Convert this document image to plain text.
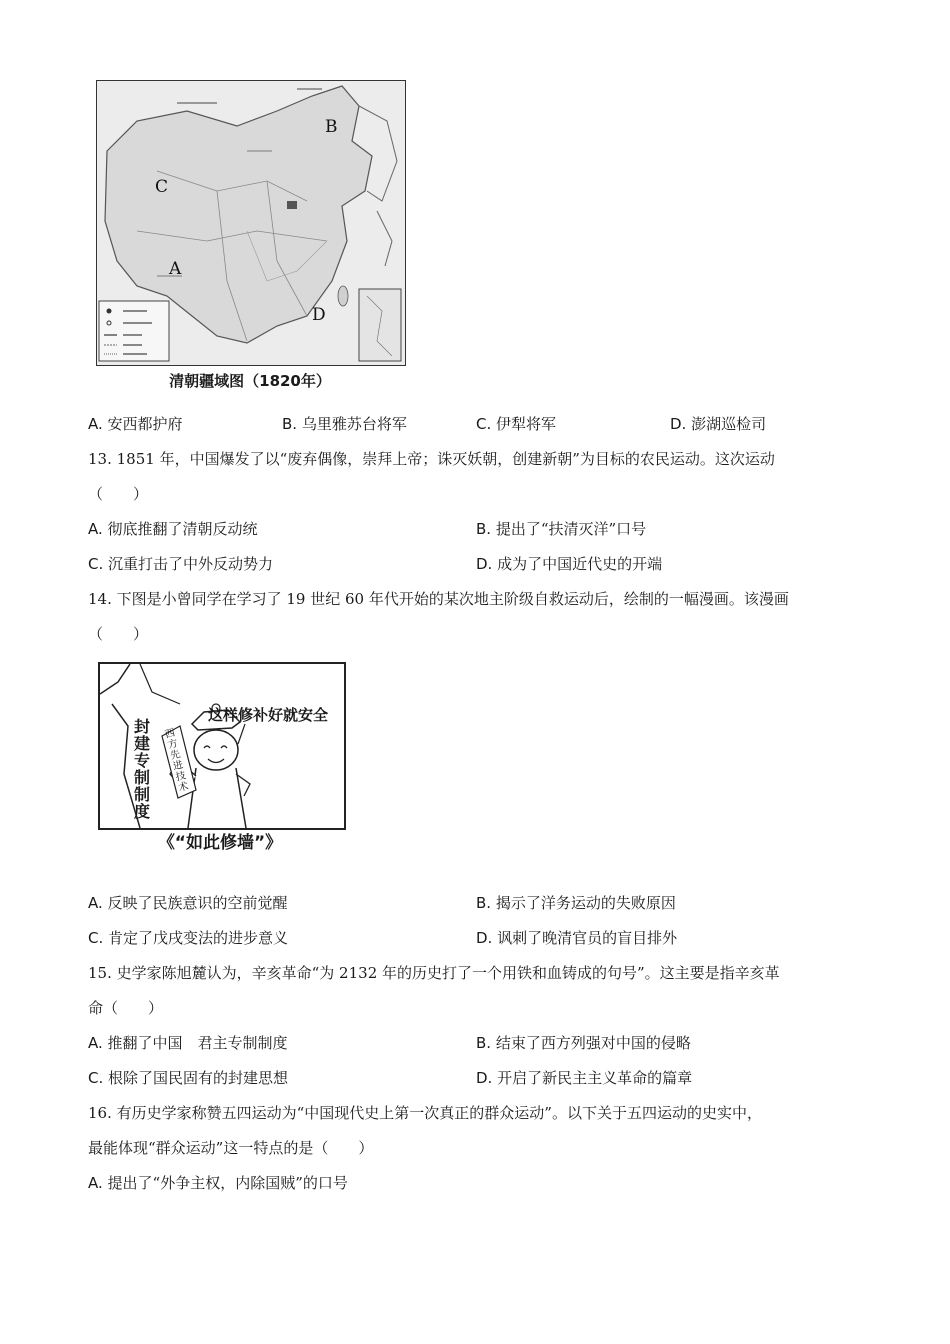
B
C
A
D
清朝疆域图（1820年）
A. 安西都护府	B. 乌里雅苏台将军	C. 伊犁将军	D. 澎湖巡检司
13. 1851 年，中国爆发了以“废弃偶像，崇拜上帝；诛灭妖朝，创建新朝”为目标的农民运动。这次运动
（　　）
A. 彻底推翻了清朝反动统	B. 提出了“扶清灭洋”口号
C. 沉重打击了中外反动势力	D. 成为了中国近代史的开端
14. 下图是小曾同学在学习了 19 世纪 60 年代开始的某次地主阶级自救运动后，绘制的一幅漫画。该漫画
（　　）
这样修补好就安全
封建专制制度
西方先进技术
《“如此修墙”》
A. 反映了民族意识的空前觉醒	B. 揭示了洋务运动的失败原因
C. 肯定了戊戌变法的进步意义	D. 讽刺了晚清官员的盲目排外
15. 史学家陈旭麓认为，辛亥革命“为 2132 年的历史打了一个用铁和血铸成的句号”。这主要是指辛亥革
命（　　）
A. 推翻了中国　君主专制制度	B. 结束了西方列强对中国的侵略
C. 根除了国民固有的封建思想	D. 开启了新民主主义革命的篇章
16. 有历史学家称赞五四运动为“中国现代史上第一次真正的群众运动”。以下关于五四运动的史实中，
最能体现“群众运动”这一特点的是（　　）
A. 提出了“外争主权，内除国贼”的口号
